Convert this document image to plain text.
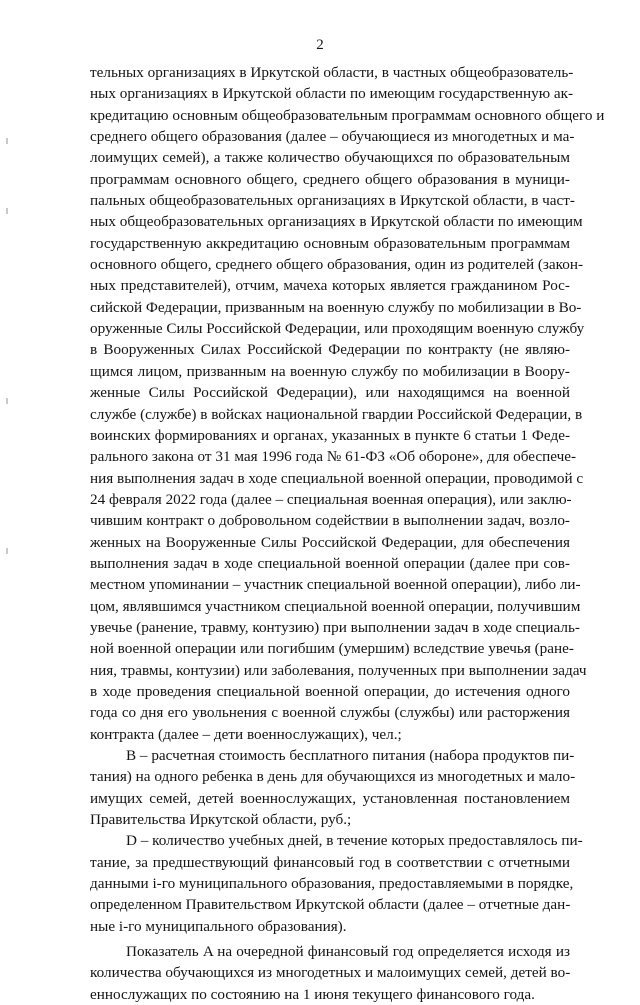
2
тельных организациях в Иркутской области, в частных общеобразователь-
ных организациях в Иркутской области по имеющим государственную ак-
кредитацию основным общеобразовательным программам основного общего и
среднего общего образования (далее – обучающиеся из многодетных и ма-
лоимущих семей), а также количество обучающихся по образовательным
программам основного общего, среднего общего образования в муници-
пальных общеобразовательных организациях в Иркутской области, в част-
ных общеобразовательных организациях в Иркутской области по имеющим
государственную аккредитацию основным образовательным программам
основного общего, среднего общего образования, один из родителей (закон-
ных представителей), отчим, мачеха которых является гражданином Рос-
сийской Федерации, призванным на военную службу по мобилизации в Во-
оруженные Силы Российской Федерации, или проходящим военную службу
в Вооруженных Силах Российской Федерации по контракту (не являю-
щимся лицом, призванным на военную службу по мобилизации в Воору-
женные Силы Российской Федерации), или находящимся на военной
службе (службе) в войсках национальной гвардии Российской Федерации, в
воинских формированиях и органах, указанных в пункте 6 статьи 1 Феде-
рального закона от 31 мая 1996 года № 61-ФЗ «Об обороне», для обеспече-
ния выполнения задач в ходе специальной военной операции, проводимой с
24 февраля 2022 года (далее – специальная военная операция), или заклю-
чившим контракт о добровольном содействии в выполнении задач, возло-
женных на Вооруженные Силы Российской Федерации, для обеспечения
выполнения задач в ходе специальной военной операции (далее при сов-
местном упоминании – участник специальной военной операции), либо ли-
цом, являвшимся участником специальной военной операции, получившим
увечье (ранение, травму, контузию) при выполнении задач в ходе специаль-
ной военной операции или погибшим (умершим) вследствие увечья (ране-
ния, травмы, контузии) или заболевания, полученных при выполнении задач
в ходе проведения специальной военной операции, до истечения одного
года со дня его увольнения с военной службы (службы) или расторжения
контракта (далее – дети военнослужащих), чел.;
B – расчетная стоимость бесплатного питания (набора продуктов пи-
тания) на одного ребенка в день для обучающихся из многодетных и мало-
имущих семей, детей военнослужащих, установленная постановлением
Правительства Иркутской области, руб.;
D – количество учебных дней, в течение которых предоставлялось пи-
тание, за предшествующий финансовый год в соответствии с отчетными
данными i-го муниципального образования, предоставляемыми в порядке,
определенном Правительством Иркутской области (далее – отчетные дан-
ные i-го муниципального образования).
Показатель A на очередной финансовый год определяется исходя из
количества обучающихся из многодетных и малоимущих семей, детей во-
еннослужащих по состоянию на 1 июня текущего финансового года.
